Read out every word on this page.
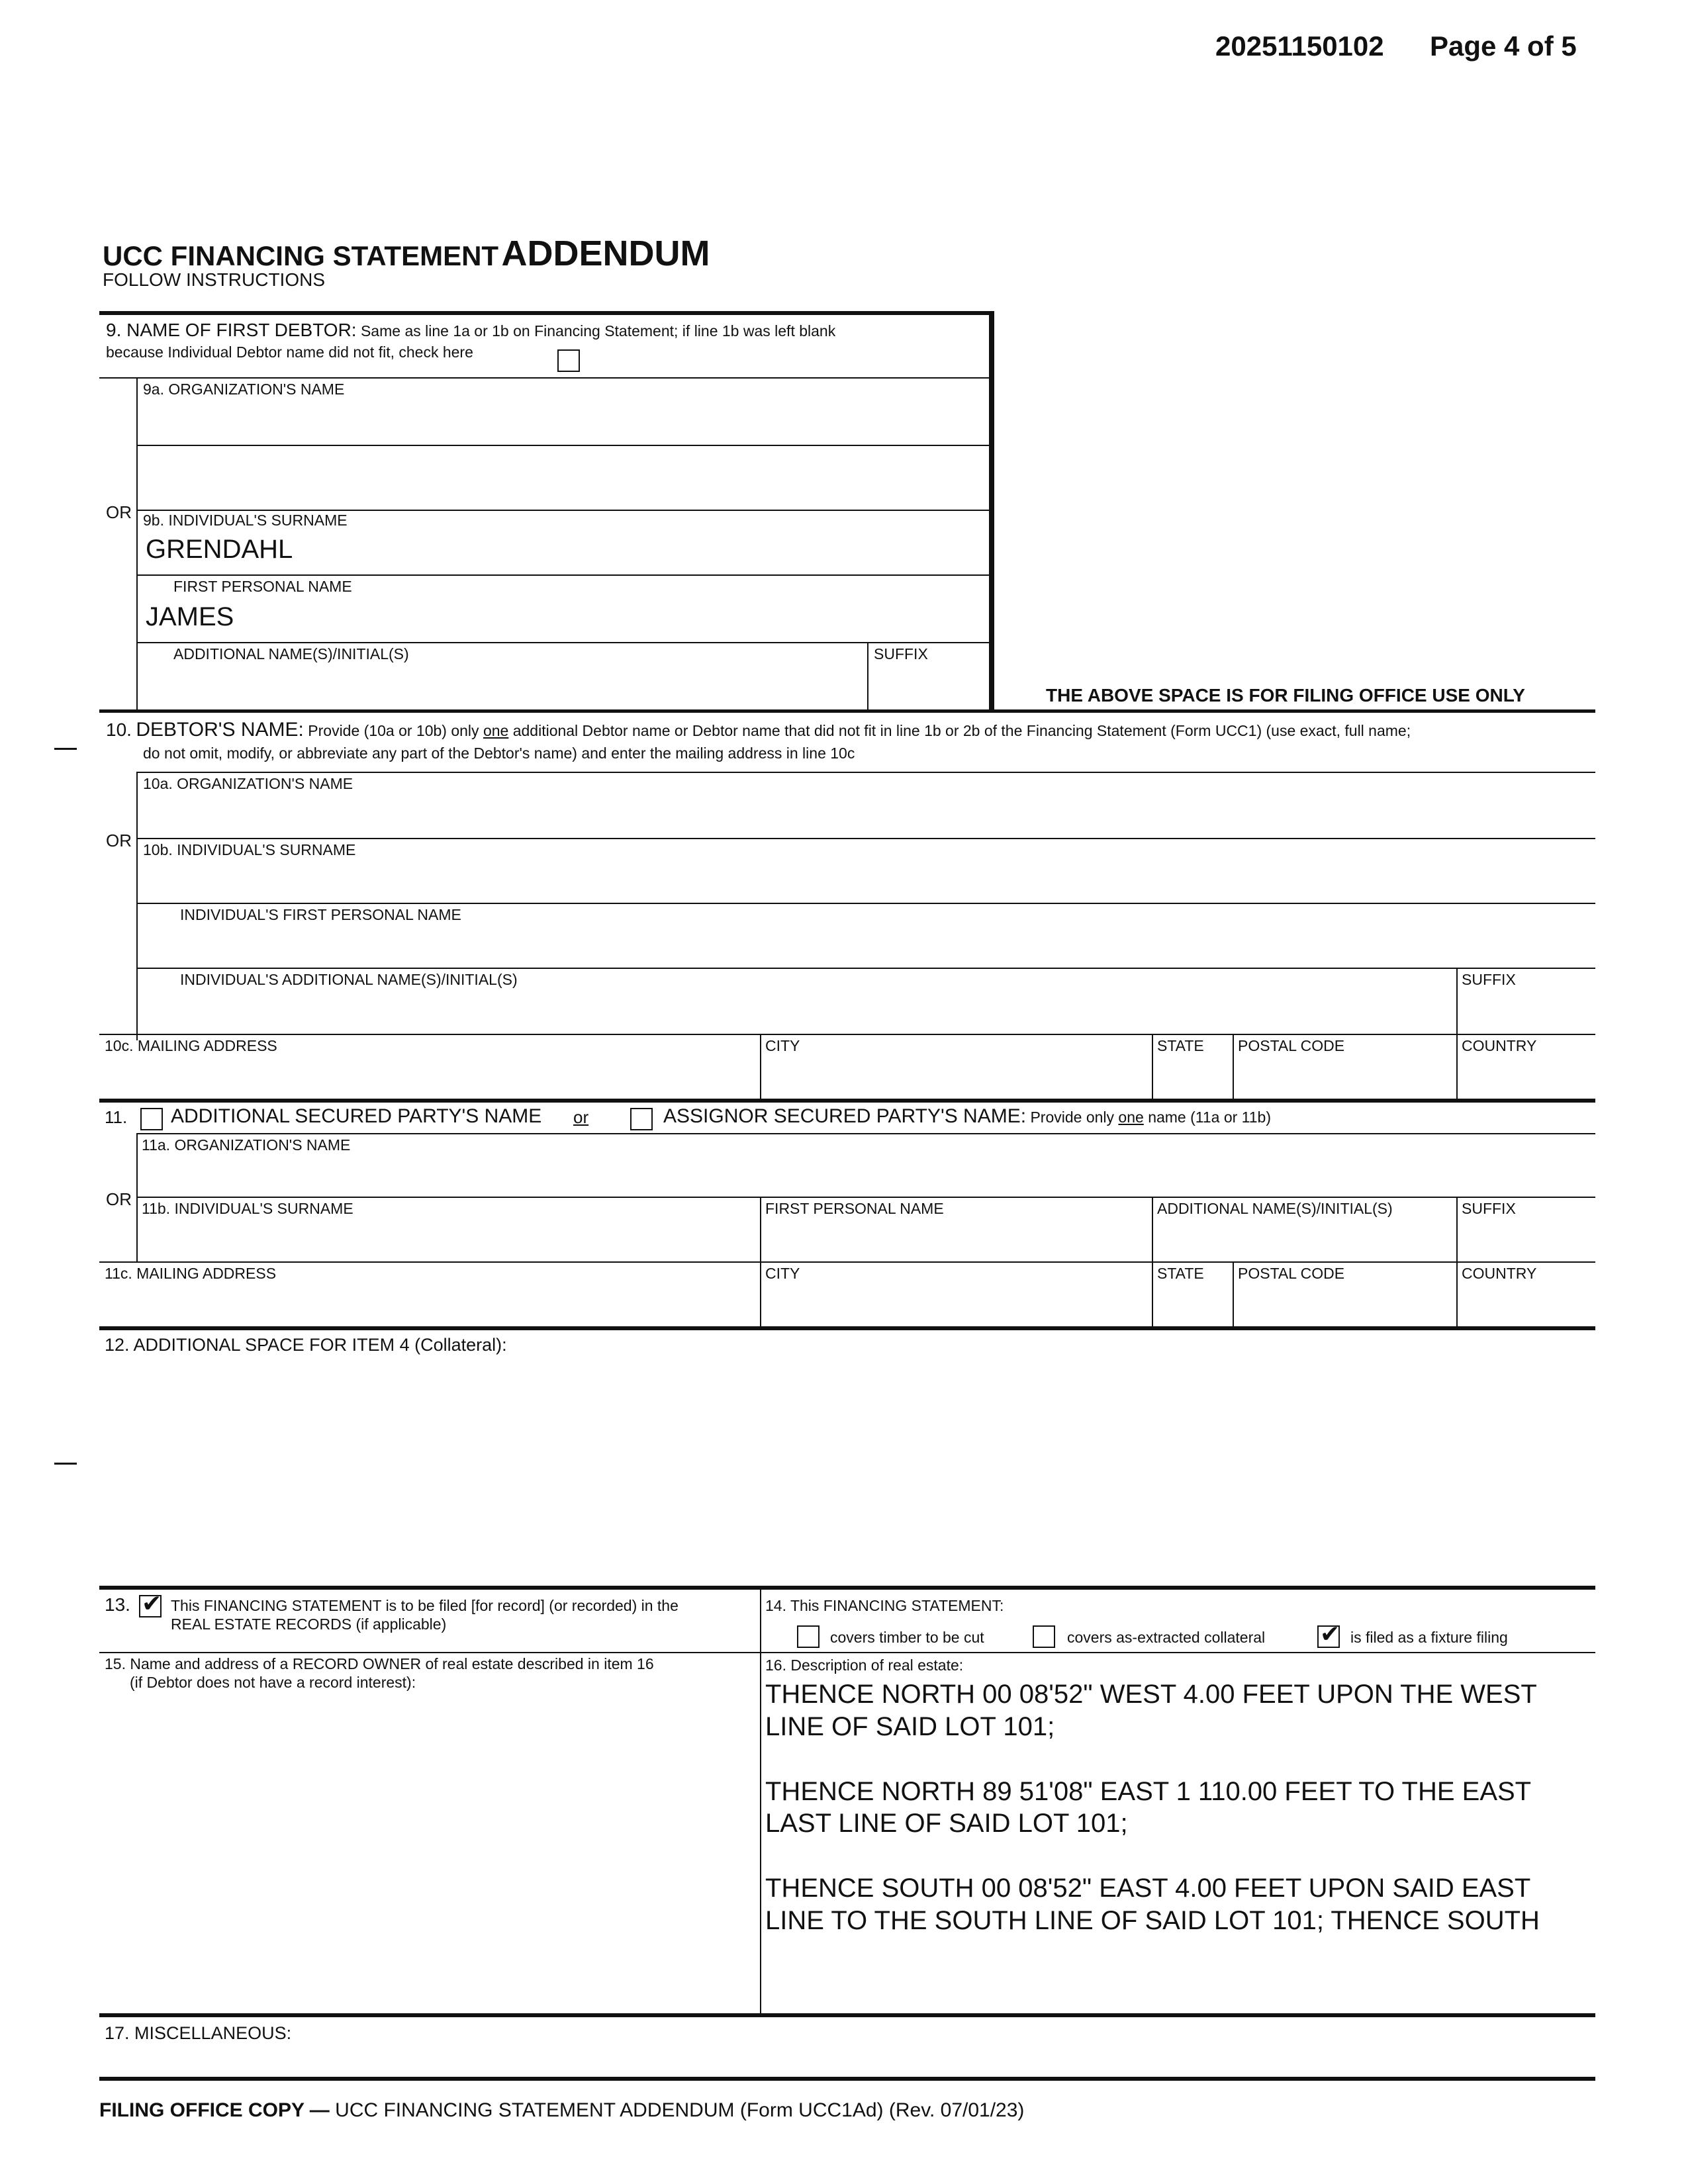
20251150102 Page 4 of 5
UCC FINANCING STATEMENT ADDENDUM
FOLLOW INSTRUCTIONS
9. NAME OF FIRST DEBTOR: Same as line 1a or 1b on Financing Statement; if line 1b was left blank
because Individual Debtor name did not fit, check here
9a. ORGANIZATION'S NAME
OR 9b. INDIVIDUAL'S SURNAME
GRENDAHL
FIRST PERSONAL NAME
JAMES
ADDITIONAL NAME(S)/INITIAL(S)	SUFFIX
THE ABOVE SPACE IS FOR FILING OFFICE USE ONLY
10. DEBTOR'S NAME: Provide (10a or 10b) only one additional Debtor name or Debtor name that did not fit in line 1b or 2b of the Financing Statement (Form UCC1) (use exact, full name;
do not omit, modify, or abbreviate any part of the Debtor's name) and enter the mailing address in line 10c
10a. ORGANIZATION'S NAME
OR 10b. INDIVIDUAL'S SURNAME
INDIVIDUAL'S FIRST PERSONAL NAME
INDIVIDUAL'S ADDITIONAL NAME(S)/INITIAL(S)	SUFFIX
10c. MAILING ADDRESS	CITY	STATE POSTAL CODE	COUNTRY
11. ADDITIONAL SECURED PARTY'S NAME or	ASSIGNOR SECURED PARTY'S NAME: Provide only one name (11a or 11b)
11a. ORGANIZATION'S NAME
OR 11b. INDIVIDUAL'S SURNAME	FIRST PERSONAL NAME	ADDITIONAL NAME(S)/INITIAL(S)	SUFFIX
11c. MAILING ADDRESS	CITY	STATE POSTAL CODE	COUNTRY
12. ADDITIONAL SPACE FOR ITEM 4 (Collateral):
13. ✔	This FINANCING STATEMENT is to be filed [for record] (or recorded) in the
REAL ESTATE RECORDS (if applicable)
14. This FINANCING STATEMENT:
covers timber to be cut	covers as-extracted collateral ✔	is filed as a fixture filing
15. Name and address of a RECORD OWNER of real estate described in item 16
(if Debtor does not have a record interest):
16. Description of real estate:
THENCE NORTH 00 08'52" WEST 4.00 FEET UPON THE WEST
LINE OF SAID LOT 101;
THENCE NORTH 89 51'08" EAST 1 110.00 FEET TO THE EAST
LAST LINE OF SAID LOT 101;
THENCE SOUTH 00 08'52" EAST 4.00 FEET UPON SAID EAST
LINE TO THE SOUTH LINE OF SAID LOT 101; THENCE SOUTH
17. MISCELLANEOUS:
FILING OFFICE COPY — UCC FINANCING STATEMENT ADDENDUM (Form UCC1Ad) (Rev. 07/01/23)
